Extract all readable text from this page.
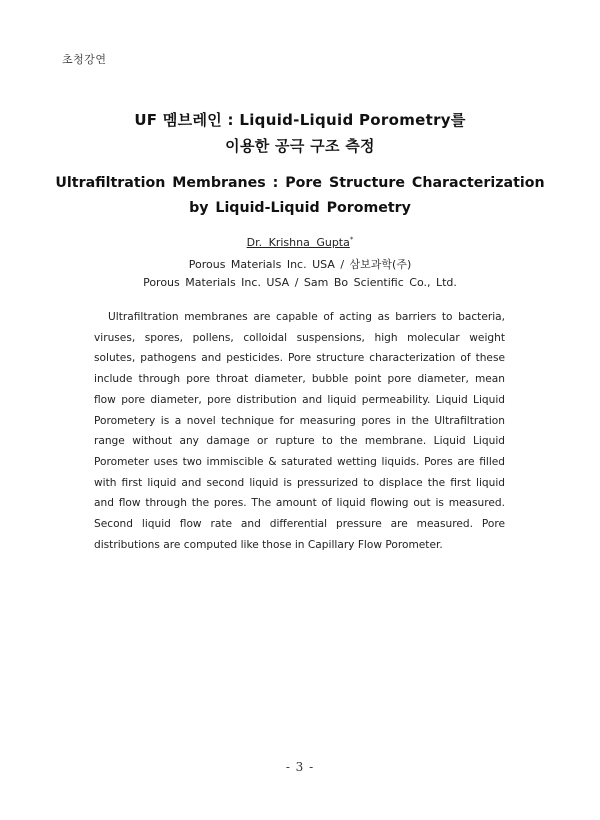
초청강연
UF 멤브레인 : Liquid-Liquid Porometry를
이용한 공극 구조 측정
Ultrafiltration Membranes : Pore Structure Characterization
by Liquid-Liquid Porometry
Dr. Krishna Gupta*
Porous Materials Inc. USA / 삼보과학(주)
Porous Materials Inc. USA / Sam Bo Scientific Co., Ltd.

Ultrafiltration membranes are capable of acting as barriers to bacteria, viruses, spores, pollens, colloidal suspensions, high molecular weight solutes, pathogens and pesticides. Pore structure characterization of these include through pore throat diameter, bubble point pore diameter, mean flow pore diameter, pore distribution and liquid permeability. Liquid Liquid Porometery is a novel technique for measuring pores in the Ultrafiltration range without any damage or rupture to the membrane. Liquid Liquid Porometer uses two immiscible & saturated wetting liquids. Pores are filled with first liquid and second liquid is pressurized to displace the first liquid and flow through the pores. The amount of liquid flowing out is measured. Second liquid flow rate and differential pressure are measured. Pore distributions are computed like those in Capillary Flow Porometer.

- 3 -
